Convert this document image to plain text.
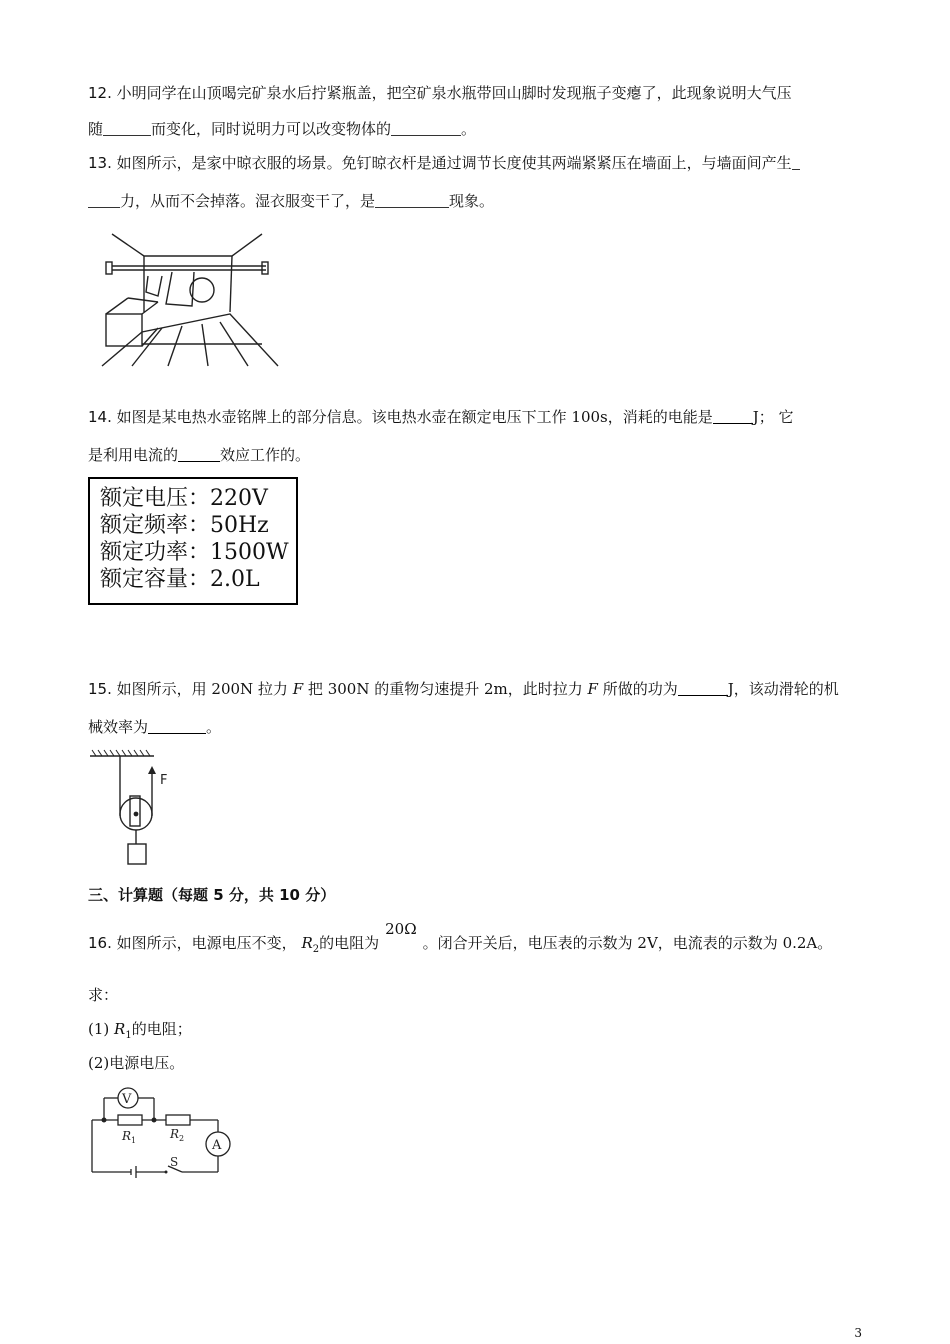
12. 小明同学在山顶喝完矿泉水后拧紧瓶盖，把空矿泉水瓶带回山脚时发现瓶子变瘪了，此现象说明大气压
随	而变化，同时说明力可以改变物体的	。
13. 如图所示，是家中晾衣服的场景。免钉晾衣杆是通过调节长度使其两端紧紧压在墙面上，与墙面间产生
力，从而不会掉落。湿衣服变干了，是	现象。
14. 如图是某电热水壶铭牌上的部分信息。该电热水壶在额定电压下工作 100s，消耗的电能是	J； 它
是利用电流的	效应工作的。
额定电压：220V
额定频率：50Hz
额定功率：1500W
额定容量：2.0L
15. 如图所示，用 200N 拉力 F 把 300N 的重物匀速提升 2m，此时拉力 F 所做的功为	J，该动滑轮的机
械效率为	。
F
三、计算题（每题 5 分，共 10 分）
16. 如图所示，电源电压不变， $R_2$的电阻为20Ω。闭合开关后，电压表的示数为 2V，电流表的示数为 0.2A。
求：
(1) $R_1$的电阻；
(2)电源电压。
V
A
R 1	R 2
S
3
